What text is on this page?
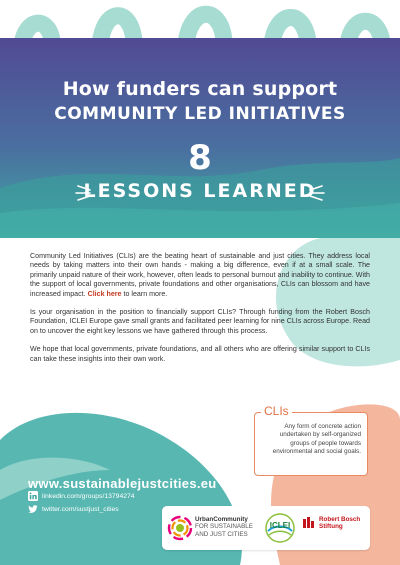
How funders can support
COMMUNITY LED INITIATIVES
8
LESSONS LEARNED

Community Led Initiatives (CLIs) are the beating heart of sustainable and just cities. They address local needs by taking matters into their own hands - making a big difference, even if at a small scale. The primarily unpaid nature of their work, however, often leads to personal burnout and inability to continue. With the support of local governments, private foundations and other organisations, CLIs can blossom and have increased impact. Click here to learn more.

Is your organisation in the position to financially support CLIs? Through funding from the Robert Bosch Foundation, ICLEI Europe gave small grants and facilitated peer learning for nine CLIs across Europe. Read on to uncover the eight key lessons we have gathered through this process.

We hope that local governments, private foundations, and all others who are offering similar support to CLIs can take these insights into their own work.

CLIs
Any form of concrete action undertaken by self-organized groups of people towards environmental and social goals.
www.sustainablejustcities.eu
linkedin.com/groups/13794274
twitter.com/sustjust_cities
UrbanCommunity
FOR SUSTAINABLE
AND JUST CITIES
ICLEI
Robert Bosch
Stiftung
